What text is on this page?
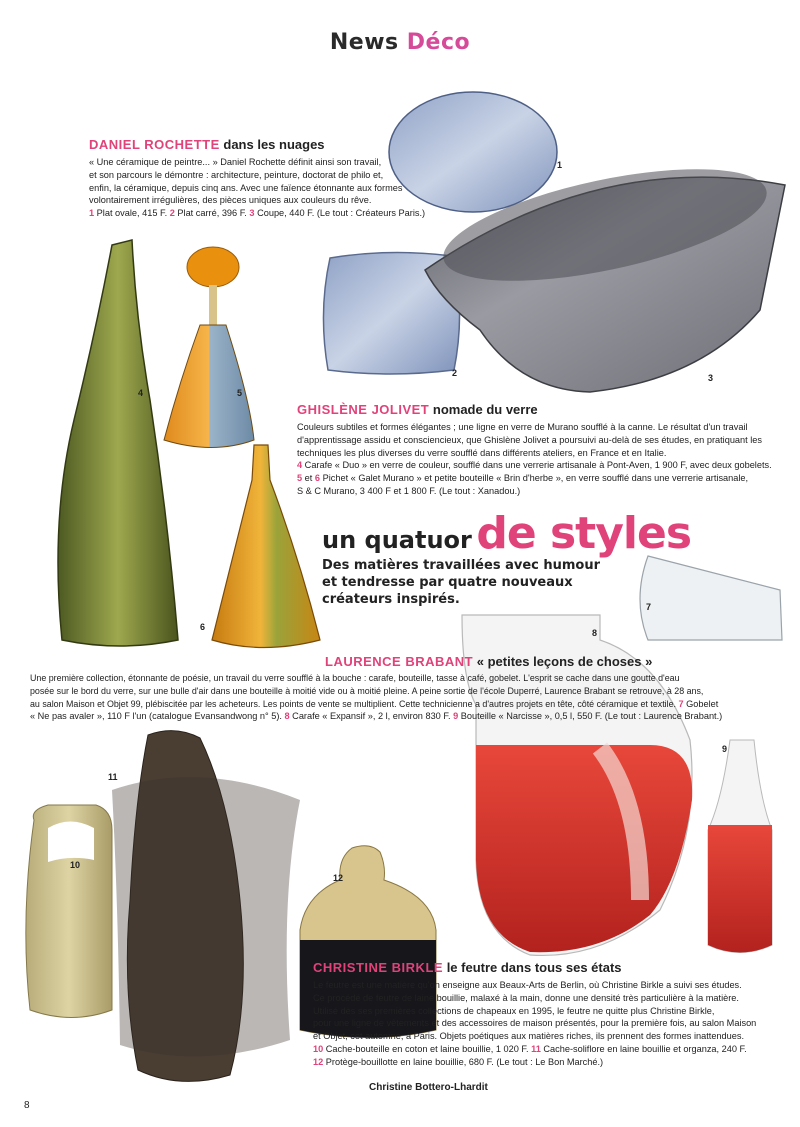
News Déco
DANIEL ROCHETTE dans les nuages
« Une céramique de peintre... » Daniel Rochette définit ainsi son travail,
et son parcours le démontre : architecture, peinture, doctorat de philo et,
enfin, la céramique, depuis cinq ans. Avec une faïence étonnante aux formes
volontairement irrégulières, des pièces uniques aux couleurs du rêve.
1 Plat ovale, 415 F. 2 Plat carré, 396 F. 3 Coupe, 440 F. (Le tout : Créateurs Paris.)
GHISLÈNE JOLIVET nomade du verre
Couleurs subtiles et formes élégantes ; une ligne en verre de Murano soufflé à la canne. Le résultat d'un travail
d'apprentissage assidu et consciencieux, que Ghislène Jolivet a poursuivi au-delà de ses études, en pratiquant les
techniques les plus diverses du verre soufflé dans différents ateliers, en France et en Italie.
4 Carafe « Duo » en verre de couleur, soufflé dans une verrerie artisanale à Pont-Aven, 1 900 F, avec deux gobelets.
5 et 6 Pichet « Galet Murano » et petite bouteille « Brin d'herbe », en verre soufflé dans une verrerie artisanale,
S & C Murano, 3 400 F et 1 800 F. (Le tout : Xanadou.)
un quatuor de styles
Des matières travaillées avec humour
et tendresse par quatre nouveaux
créateurs inspirés.
LAURENCE BRABANT « petites leçons de choses »
Une première collection, étonnante de poésie, un travail du verre soufflé à la bouche : carafe, bouteille, tasse à café, gobelet. L'esprit se cache dans une goutte d'eau
posée sur le bord du verre, sur une bulle d'air dans une bouteille à moitié vide ou à moitié pleine. A peine sortie de l'école Duperré, Laurence Brabant se retrouve, à 28 ans,
au salon Maison et Objet 99, plébiscitée par les acheteurs. Les points de vente se multiplient. Cette technicienne a d'autres projets en tête, côté céramique et textile. 7 Gobelet
« Ne pas avaler », 110 F l'un (catalogue Evansandwong n° 5). 8 Carafe « Expansif », 2 l, environ 830 F. 9 Bouteille « Narcisse », 0,5 l, 550 F. (Le tout : Laurence Brabant.)
CHRISTINE BIRKLE le feutre dans tous ses états
Le feutre est une matière qu'on enseigne aux Beaux-Arts de Berlin, où Christine Birkle a suivi ses études.
Ce procédé de feutre de laine bouillie, malaxé à la main, donne une densité très particulière à la matière.
Utilisé dès ses premières collections de chapeaux en 1995, le feutre ne quitte plus Christine Birkle,
pour une ligne de vêtements et des accessoires de maison présentés, pour la première fois, au salon Maison
et Objet, cet automne, à Paris. Objets poétiques aux matières riches, ils prennent des formes inattendues.
10 Cache-bouteille en coton et laine bouillie, 1 020 F. 11 Cache-soliflore en laine bouillie et organza, 240 F.
12 Protège-bouillotte en laine bouillie, 680 F. (Le tout : Le Bon Marché.)
1
2	3
4	5
6
7
8
9
10
11
12
Christine Bottero-Lhardit
8
